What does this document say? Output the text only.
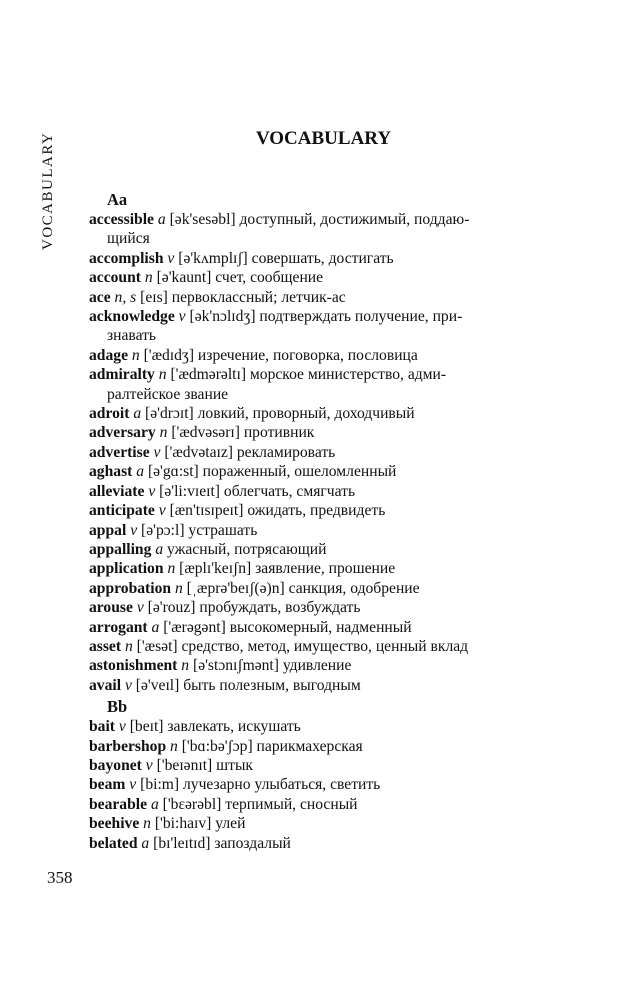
VOCABULARY	VOCABULARY
Aa
accessible a [ək'sesəbl] доступный, достижимый, поддаю-
щийся
accomplish v [ə'kʌmplɪʃ] совершать, достигать
account n [ə'kaunt] счет, сообщение
ace n, s [eɪs] первоклассный; летчик-ас
acknowledge v [ək'nɔlɪdʒ] подтверждать получение, при-
знавать
adage n ['ædɪdʒ] изречение, поговорка, пословица
admiralty n ['ædmərəltɪ] морское министерство, адми-
ралтейское звание
adroit a [ə'drɔɪt] ловкий, проворный, доходчивый
adversary n ['ædvəsərɪ] противник
advertise v ['ædvətaɪz] рекламировать
aghast a [ə'gɑ:st] пораженный, ошеломленный
alleviate v [ə'li:vɪeɪt] облегчать, смягчать
anticipate v [æn'tɪsɪpeɪt] ожидать, предвидеть
appal v [ə'pɔ:l] устрашать
appalling a ужасный, потрясающий
application n [æplɪ'keɪʃn] заявление, прошение
approbation n [ˌæprə'beɪʃ(ə)n] санкция, одобрение
arouse v [ə'rouz] пробуждать, возбуждать
arrogant a ['ærəgənt] высокомерный, надменный
asset n ['æsət] средство, метод, имущество, ценный вклад
astonishment n [ə'stɔnɪʃmənt] удивление
avail v [ə'veɪl] быть полезным, выгодным
Bb
bait v [beɪt] завлекать, искушать
barbershop n ['bɑ:bə'ʃɔp] парикмахерская
bayonet v ['beɪənɪt] штык
beam v [bi:m] лучезарно улыбаться, светить
bearable a ['bɛərəbl] терпимый, сносный
beehive n ['bi:haɪv] улей
belated a [bɪ'leɪtɪd] запоздалый
358
